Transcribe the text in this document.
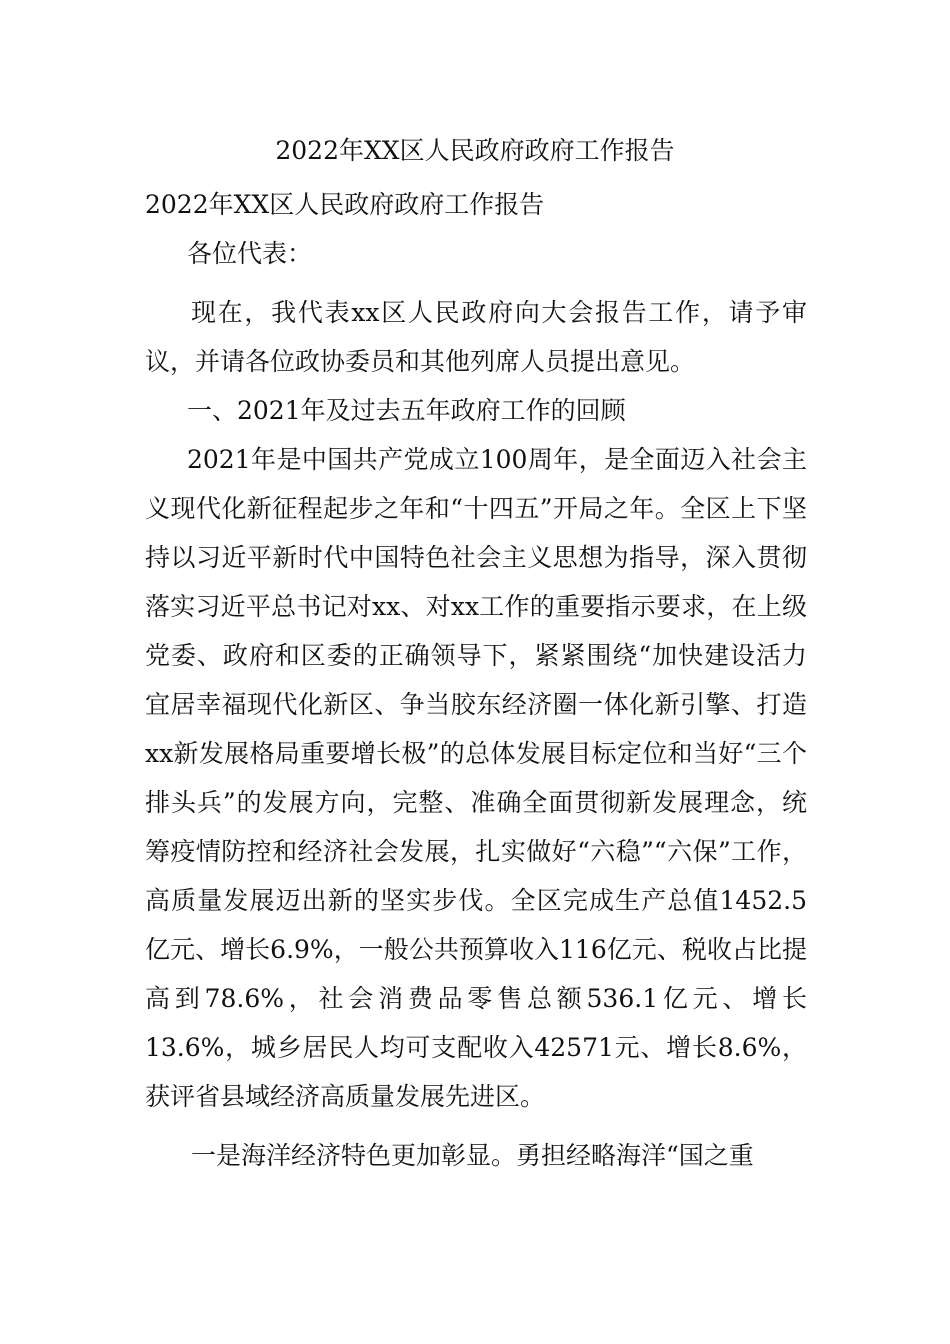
2022年XX区人民政府政府工作报告

2022年XX区人民政府政府工作报告

各位代表：

现在，我代表xx区人民政府向大会报告工作，请予审议，并请各位政协委员和其他列席人员提出意见。

一、2021年及过去五年政府工作的回顾

2021年是中国共产党成立100周年，是全面迈入社会主义现代化新征程起步之年和“十四五”开局之年。全区上下坚持以习近平新时代中国特色社会主义思想为指导，深入贯彻落实习近平总书记对xx、对xx工作的重要指示要求，在上级党委、政府和区委的正确领导下，紧紧围绕“加快建设活力宜居幸福现代化新区、争当胶东经济圈一体化新引擎、打造xx新发展格局重要增长极”的总体发展目标定位和当好“三个排头兵”的发展方向，完整、准确全面贯彻新发展理念，统筹疫情防控和经济社会发展，扎实做好“六稳”“六保”工作，高质量发展迈出新的坚实步伐。全区完成生产总值1452.5亿元、增长6.9%，一般公共预算收入116亿元、税收占比提高到78.6%，社会消费品零售总额536.1亿元、增长13.6%，城乡居民人均可支配收入42571元、增长8.6%，获评省县域经济高质量发展先进区。

一是海洋经济特色更加彰显。勇担经略海洋“国之重
